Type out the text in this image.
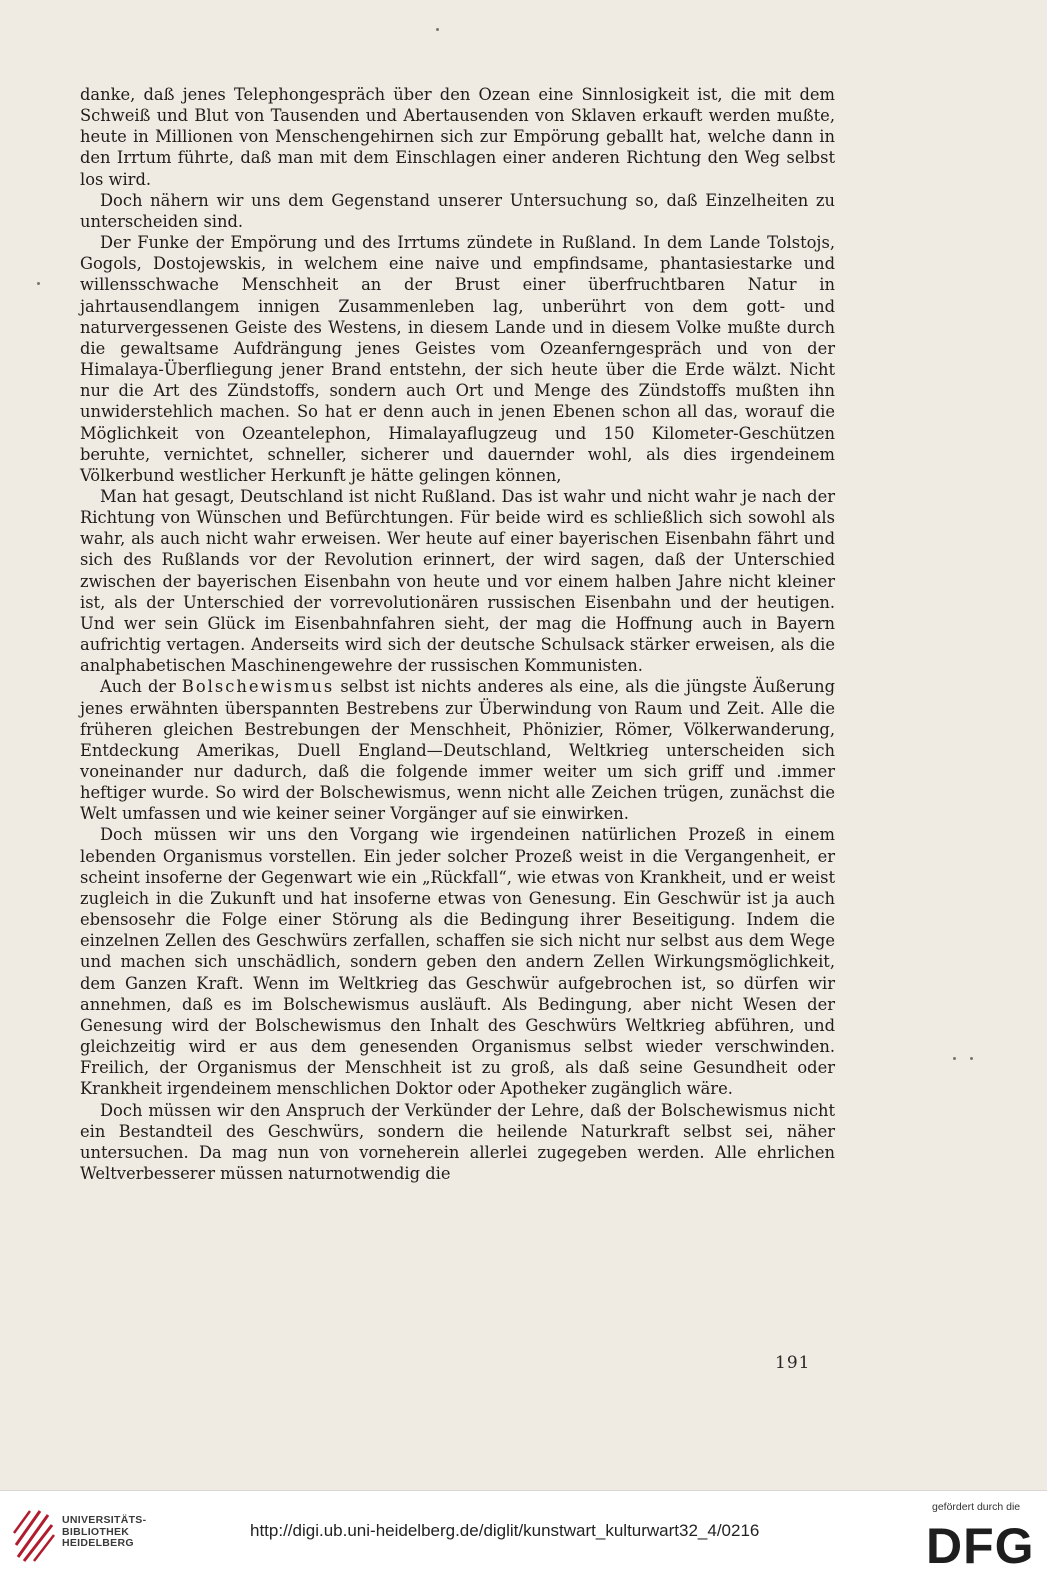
danke, daß jenes Telephongespräch über den Ozean eine Sinnlosigkeit ist, die mit dem Schweiß und Blut von Tausenden und Abertausenden von Sklaven erkauft werden mußte, heute in Millionen von Menschengehirnen sich zur Empörung geballt hat, welche dann in den Irrtum führte, daß man mit dem Einschlagen einer anderen Richtung den Weg selbst los wird.

Doch nähern wir uns dem Gegenstand unserer Untersuchung so, daß Einzelheiten zu unterscheiden sind.

Der Funke der Empörung und des Irrtums zündete in Rußland. In dem Lande Tolstojs, Gogols, Dostojewskis, in welchem eine naive und empfindsame, phantasiestarke und willensschwache Menschheit an der Brust einer überfruchtbaren Natur in jahrtausendlangem innigen Zusammenleben lag, unberührt von dem gott- und naturvergessenen Geiste des Westens, in diesem Lande und in diesem Volke mußte durch die gewaltsame Aufdrängung jenes Geistes vom Ozeanferngespräch und von der Himalaya-Überfliegung jener Brand entstehn, der sich heute über die Erde wälzt. Nicht nur die Art des Zündstoffs, sondern auch Ort und Menge des Zündstoffs mußten ihn unwiderstehlich machen. So hat er denn auch in jenen Ebenen schon all das, worauf die Möglichkeit von Ozeantelephon, Himalayaflugzeug und 150 Kilometer-Geschützen beruhte, vernichtet, schneller, sicherer und dauernder wohl, als dies irgendeinem Völkerbund westlicher Herkunft je hätte gelingen können,

Man hat gesagt, Deutschland ist nicht Rußland. Das ist wahr und nicht wahr je nach der Richtung von Wünschen und Befürchtungen. Für beide wird es schließlich sich sowohl als wahr, als auch nicht wahr erweisen. Wer heute auf einer bayerischen Eisenbahn fährt und sich des Rußlands vor der Revolution erinnert, der wird sagen, daß der Unterschied zwischen der bayerischen Eisenbahn von heute und vor einem halben Jahre nicht kleiner ist, als der Unterschied der vorrevolutionären russischen Eisenbahn und der heutigen. Und wer sein Glück im Eisenbahnfahren sieht, der mag die Hoffnung auch in Bayern aufrichtig vertagen. Anderseits wird sich der deutsche Schulsack stärker erweisen, als die analphabetischen Maschinengewehre der russischen Kommunisten.

Auch der Bolschewismus selbst ist nichts anderes als eine, als die jüngste Äußerung jenes erwähnten überspannten Bestrebens zur Überwindung von Raum und Zeit. Alle die früheren gleichen Bestrebungen der Menschheit, Phönizier, Römer, Völkerwanderung, Entdeckung Amerikas, Duell England—Deutschland, Weltkrieg unterscheiden sich voneinander nur dadurch, daß die folgende immer weiter um sich griff und .immer heftiger wurde. So wird der Bolschewismus, wenn nicht alle Zeichen trügen, zunächst die Welt umfassen und wie keiner seiner Vorgänger auf sie einwirken.

Doch müssen wir uns den Vorgang wie irgendeinen natürlichen Prozeß in einem lebenden Organismus vorstellen. Ein jeder solcher Prozeß weist in die Vergangenheit, er scheint insoferne der Gegenwart wie ein „Rückfall“, wie etwas von Krankheit, und er weist zugleich in die Zukunft und hat insoferne etwas von Genesung. Ein Geschwür ist ja auch ebensosehr die Folge einer Störung als die Bedingung ihrer Beseitigung. Indem die einzelnen Zellen des Geschwürs zerfallen, schaffen sie sich nicht nur selbst aus dem Wege und machen sich unschädlich, sondern geben den andern Zellen Wirkungsmöglichkeit, dem Ganzen Kraft. Wenn im Weltkrieg das Geschwür aufgebrochen ist, so dürfen wir annehmen, daß es im Bolschewismus ausläuft. Als Bedingung, aber nicht Wesen der Genesung wird der Bolschewismus den Inhalt des Geschwürs Weltkrieg abführen, und gleichzeitig wird er aus dem genesenden Organismus selbst wieder verschwinden. Freilich, der Organismus der Menschheit ist zu groß, als daß seine Gesundheit oder Krankheit irgendeinem menschlichen Doktor oder Apotheker zugänglich wäre.

Doch müssen wir den Anspruch der Verkünder der Lehre, daß der Bolschewismus nicht ein Bestandteil des Geschwürs, sondern die heilende Naturkraft selbst sei, näher untersuchen. Da mag nun von vorneherein allerlei zugegeben werden. Alle ehrlichen Weltverbesserer müssen naturnotwendig die

191
UNIVERSITÄTS-
BIBLIOTHEK
HEIDELBERG
http://digi.ub.uni-heidelberg.de/diglit/kunstwart_kulturwart32_4/0216
gefördert durch die
DFG
